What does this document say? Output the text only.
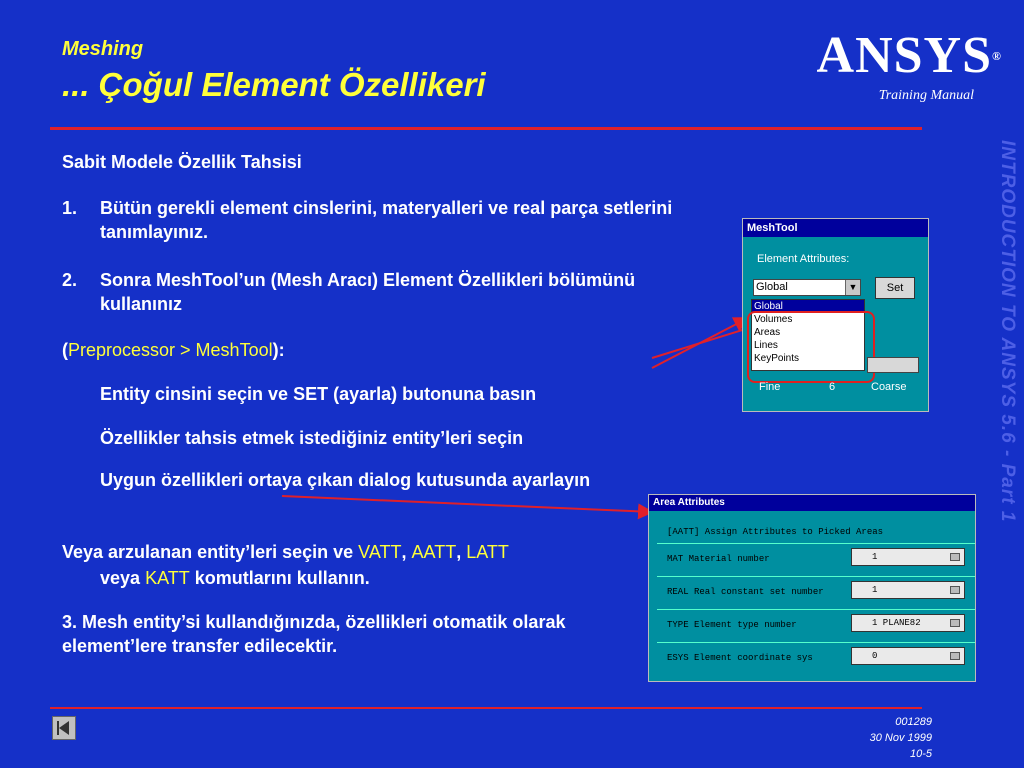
Meshing
... Çoğul Element Özellikeri
ANSYS®
Training Manual
INTRODUCTION TO ANSYS 5.6 - Part 1
Sabit Modele Özellik Tahsisi
1. Bütün gerekli element cinslerini, materyalleri ve real parça setlerini tanımlayınız.
2. Sonra MeshTool’un (Mesh Aracı) Element Özellikleri bölümünü kullanınız
(Preprocessor > MeshTool):
Entity cinsini seçin ve SET (ayarla) butonuna basın
Özellikler tahsis etmek istediğiniz entity’leri seçin
Uygun özellikleri ortaya çıkan dialog kutusunda ayarlayın
Veya arzulanan entity’leri seçin ve VATT, AATT, LATT
veya KATT komutlarını kullanın.
3. Mesh entity’si kullandığınızda, özellikleri otomatik olarak element’lere transfer edilecektir.
MeshTool
Element Attributes:
Global	▼	Set
Global
Volumes
Areas
Lines
KeyPoints
Fine	6	Coarse
Area Attributes
[AATT] Assign Attributes to Picked Areas
MAT Material number	1
REAL Real constant set number	1
TYPE Element type number	1 PLANE82
ESYS Element coordinate sys	0
001289
30 Nov 1999
10-5
